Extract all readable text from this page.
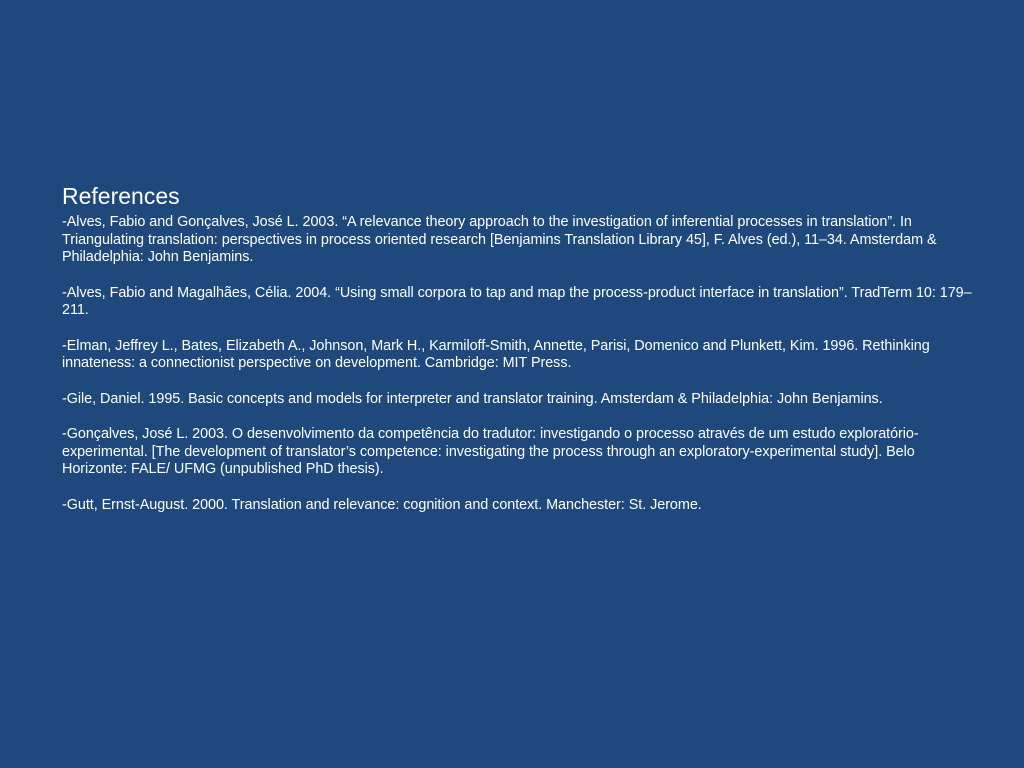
References

-Alves, Fabio and Gonçalves, José L. 2003. “A relevance theory approach to the investigation of inferential processes in translation”. In Triangulating translation: perspectives in process oriented research [Benjamins Translation Library 45], F. Alves (ed.), 11–34. Amsterdam & Philadelphia: John Benjamins.

-Alves, Fabio and Magalhães, Célia. 2004. “Using small corpora to tap and map the process-product interface in translation”. TradTerm 10: 179–211.

-Elman, Jeffrey L., Bates, Elizabeth A., Johnson, Mark H., Karmiloff-Smith, Annette, Parisi, Domenico and Plunkett, Kim. 1996. Rethinking innateness: a connectionist perspective on development. Cambridge: MIT Press.

-Gile, Daniel. 1995. Basic concepts and models for interpreter and translator training. Amsterdam & Philadelphia: John Benjamins.

-Gonçalves, José L. 2003. O desenvolvimento da competência do tradutor: investigando o processo através de um estudo exploratório-experimental. [The development of translator’s competence: investigating the process through an exploratory-experimental study]. Belo Horizonte: FALE/ UFMG (unpublished PhD thesis).

-Gutt, Ernst-August. 2000. Translation and relevance: cognition and context. Manchester: St. Jerome.
